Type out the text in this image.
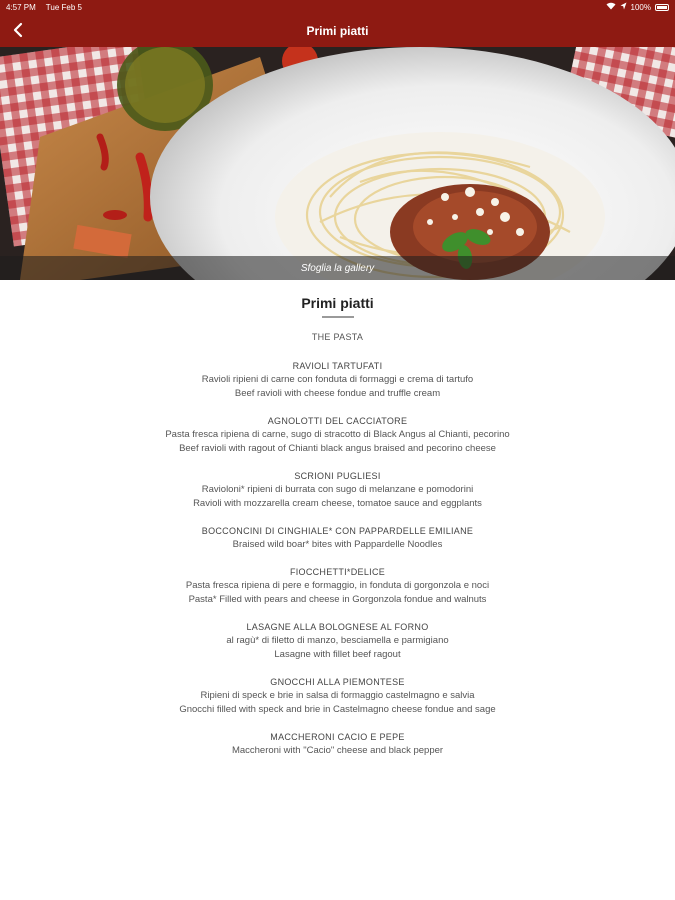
4:57 PM Tue Feb 5	100%
Primi piatti
Sfoglia la gallery
Primi piatti
THE PASTA
RAVIOLI TARTUFATI
Ravioli ripieni di carne con fonduta di formaggi e crema di tartufo
Beef ravioli with cheese fondue and truffle cream
AGNOLOTTI DEL CACCIATORE
Pasta fresca ripiena di carne, sugo di stracotto di Black Angus al Chianti, pecorino
Beef ravioli with ragout of Chianti black angus braised and pecorino cheese
SCRIONI PUGLIESI
Ravioloni* ripieni di burrata con sugo di melanzane e pomodorini
Ravioli with mozzarella cream cheese, tomatoe sauce and eggplants
BOCCONCINI DI CINGHIALE* CON PAPPARDELLE EMILIANE
Braised wild boar* bites with Pappardelle Noodles
FIOCCHETTI*DELICE
Pasta fresca ripiena di pere e formaggio, in fonduta di gorgonzola e noci
Pasta* Filled with pears and cheese in Gorgonzola fondue and walnuts
LASAGNE ALLA BOLOGNESE AL FORNO
al ragù* di filetto di manzo, besciamella e parmigiano
Lasagne with fillet beef ragout
GNOCCHI ALLA PIEMONTESE
Ripieni di speck e brie in salsa di formaggio castelmagno e salvia
Gnocchi filled with speck and brie in Castelmagno cheese fondue and sage
MACCHERONI CACIO E PEPE
Maccheroni with "Cacio" cheese and black pepper
